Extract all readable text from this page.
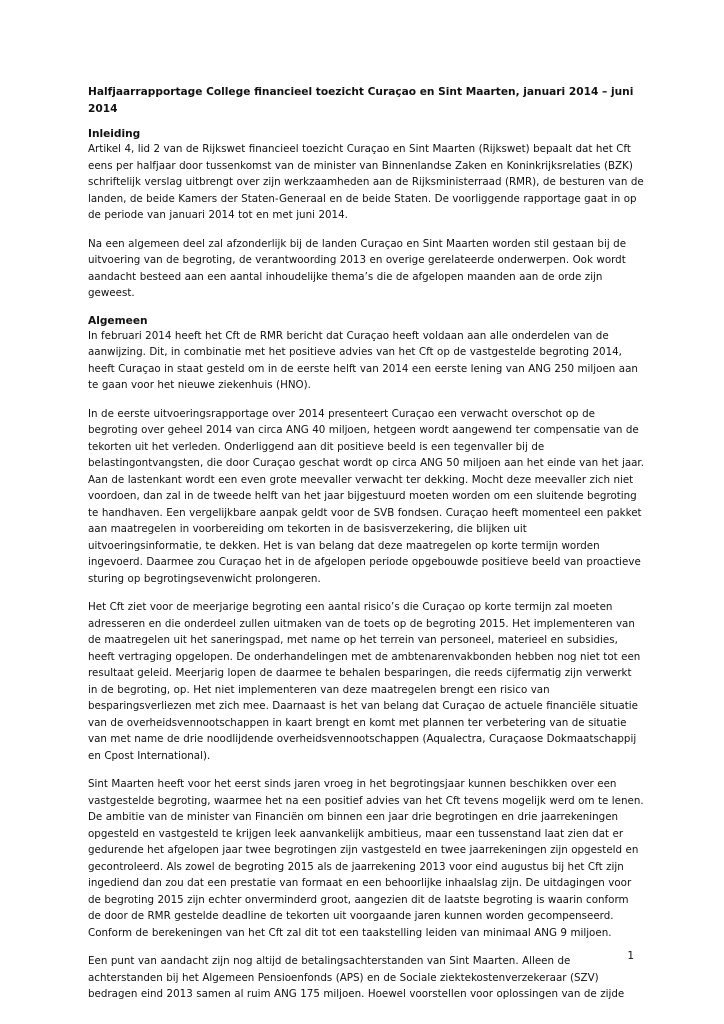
Halfjaarrapportage College financieel toezicht Curaçao en Sint Maarten, januari 2014 – juni 2014

Inleiding

Artikel 4, lid 2 van de Rijkswet financieel toezicht Curaçao en Sint Maarten (Rijkswet) bepaalt dat het Cft eens per halfjaar door tussenkomst van de minister van Binnenlandse Zaken en Koninkrijksrelaties (BZK) schriftelijk verslag uitbrengt over zijn werkzaamheden aan de Rijksministerraad (RMR), de besturen van de landen, de beide Kamers der Staten-Generaal en de beide Staten. De voorliggende rapportage gaat in op de periode van januari 2014 tot en met juni 2014.

Na een algemeen deel zal afzonderlijk bij de landen Curaçao en Sint Maarten worden stil gestaan bij de uitvoering van de begroting, de verantwoording 2013 en overige gerelateerde onderwerpen. Ook wordt aandacht besteed aan een aantal inhoudelijke thema’s die de afgelopen maanden aan de orde zijn geweest.

Algemeen

In februari 2014 heeft het Cft de RMR bericht dat Curaçao heeft voldaan aan alle onderdelen van de aanwijzing. Dit, in combinatie met het positieve advies van het Cft op de vastgestelde begroting 2014, heeft Curaçao in staat gesteld om in de eerste helft van 2014 een eerste lening van ANG 250 miljoen aan te gaan voor het nieuwe ziekenhuis (HNO).

In de eerste uitvoeringsrapportage over 2014 presenteert Curaçao een verwacht overschot op de begroting over geheel 2014 van circa ANG 40 miljoen, hetgeen wordt aangewend ter compensatie van de tekorten uit het verleden. Onderliggend aan dit positieve beeld is een tegenvaller bij de belastingontvangsten, die door Curaçao geschat wordt op circa ANG 50 miljoen aan het einde van het jaar. Aan de lastenkant wordt een even grote meevaller verwacht ter dekking. Mocht deze meevaller zich niet voordoen, dan zal in de tweede helft van het jaar bijgestuurd moeten worden om een sluitende begroting te handhaven. Een vergelijkbare aanpak geldt voor de SVB fondsen. Curaçao heeft momenteel een pakket aan maatregelen in voorbereiding om tekorten in de basisverzekering, die blijken uit uitvoeringsinformatie, te dekken. Het is van belang dat deze maatregelen op korte termijn worden ingevoerd. Daarmee zou Curaçao het in de afgelopen periode opgebouwde positieve beeld van proactieve sturing op begrotingsevenwicht prolongeren.

Het Cft ziet voor de meerjarige begroting een aantal risico’s die Curaçao op korte termijn zal moeten adresseren en die onderdeel zullen uitmaken van de toets op de begroting 2015. Het implementeren van de maatregelen uit het saneringspad, met name op het terrein van personeel, materieel en subsidies, heeft vertraging opgelopen. De onderhandelingen met de ambtenarenvakbonden hebben nog niet tot een resultaat geleid. Meerjarig lopen de daarmee te behalen besparingen, die reeds cijfermatig zijn verwerkt in de begroting, op. Het niet implementeren van deze maatregelen brengt een risico van besparingsverliezen met zich mee. Daarnaast is het van belang dat Curaçao de actuele financiële situatie van de overheidsvennootschappen in kaart brengt en komt met plannen ter verbetering van de situatie van met name de drie noodlijdende overheidsvennootschappen (Aqualectra, Curaçaose Dokmaatschappij en Cpost International).

Sint Maarten heeft voor het eerst sinds jaren vroeg in het begrotingsjaar kunnen beschikken over een vastgestelde begroting, waarmee het na een positief advies van het Cft tevens mogelijk werd om te lenen. De ambitie van de minister van Financiën om binnen een jaar drie begrotingen en drie jaarrekeningen opgesteld en vastgesteld te krijgen leek aanvankelijk ambitieus, maar een tussenstand laat zien dat er gedurende het afgelopen jaar twee begrotingen zijn vastgesteld en twee jaarrekeningen zijn opgesteld en gecontroleerd. Als zowel de begroting 2015 als de jaarrekening 2013 voor eind augustus bij het Cft zijn ingediend dan zou dat een prestatie van formaat en een behoorlijke inhaalslag zijn. De uitdagingen voor de begroting 2015 zijn echter onverminderd groot, aangezien dit de laatste begroting is waarin conform de door de RMR gestelde deadline de tekorten uit voorgaande jaren kunnen worden gecompenseerd. Conform de berekeningen van het Cft zal dit tot een taakstelling leiden van minimaal ANG 9 miljoen.

Een punt van aandacht zijn nog altijd de betalingsachterstanden van Sint Maarten. Alleen de achterstanden bij het Algemeen Pensioenfonds (APS) en de Sociale ziektekostenverzekeraar (SZV) bedragen eind 2013 samen al ruim ANG 175 miljoen. Hoewel voorstellen voor oplossingen van de zijde

1
